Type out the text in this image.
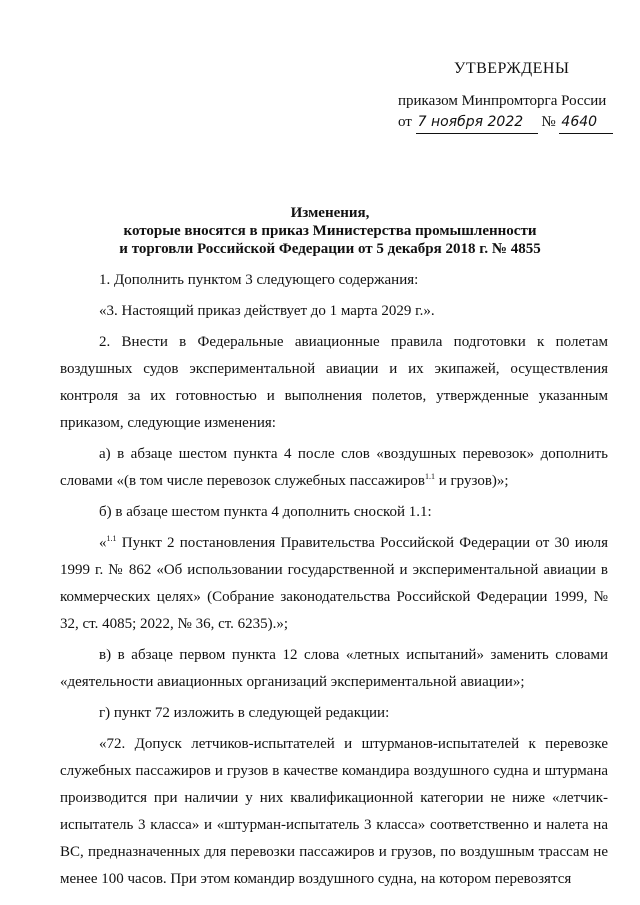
УТВЕРЖДЕНЫ
приказом Минпромторга России
от 7 ноября 2022 № 4640
Изменения,
которые вносятся в приказ Министерства промышленности
и торговли Российской Федерации от 5 декабря 2018 г. № 4855

1. Дополнить пунктом 3 следующего содержания:

«3. Настоящий приказ действует до 1 марта 2029 г.».

2. Внести в Федеральные авиационные правила подготовки к полетам воздушных судов экспериментальной авиации и их экипажей, осуществления контроля за их готовностью и выполнения полетов, утвержденные указанным приказом, следующие изменения:

а) в абзаце шестом пункта 4 после слов «воздушных перевозок» дополнить словами «(в том числе перевозок служебных пассажиров$^{1.1}$ и грузов)»;

б) в абзаце шестом пункта 4 дополнить сноской 1.1:

«$^{1.1}$ Пункт 2 постановления Правительства Российской Федерации от 30 июля 1999 г. № 862 «Об использовании государственной и экспериментальной авиации в коммерческих целях» (Собрание законодательства Российской Федерации 1999, № 32, ст. 4085; 2022, № 36, ст. 6235).»;

в) в абзаце первом пункта 12 слова «летных испытаний» заменить словами «деятельности авиационных организаций экспериментальной авиации»;

г) пункт 72 изложить в следующей редакции:

«72. Допуск летчиков-испытателей и штурманов-испытателей к перевозке служебных пассажиров и грузов в качестве командира воздушного судна и штурмана производится при наличии у них квалификационной категории не ниже «летчик-испытатель 3 класса» и «штурман-испытатель 3 класса» соответственно и налета на ВС, предназначенных для перевозки пассажиров и грузов, по воздушным трассам не менее 100 часов. При этом командир воздушного судна, на котором перевозятся
